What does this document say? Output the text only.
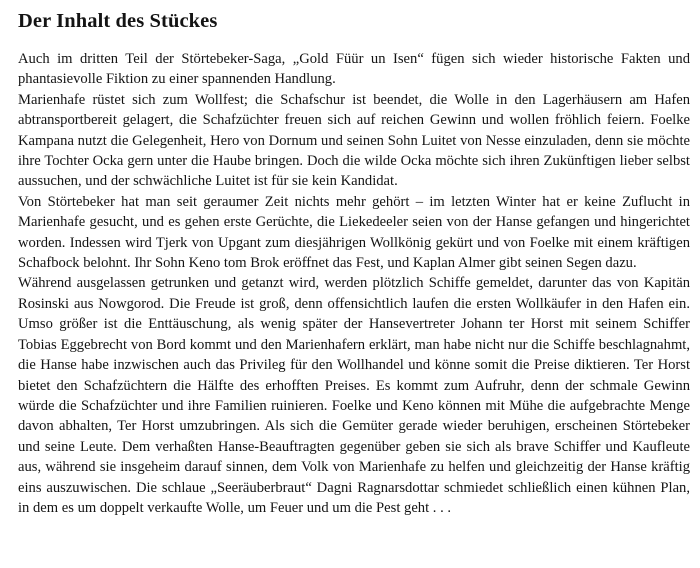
Der Inhalt des Stückes

Auch im dritten Teil der Störtebeker-Saga, „Gold Füür un Isen“ fügen sich wieder historische Fakten und phantasievolle Fiktion zu einer spannenden Handlung.

Marienhafe rüstet sich zum Wollfest; die Schafschur ist beendet, die Wolle in den Lagerhäusern am Hafen abtransportbereit gelagert, die Schafzüchter freuen sich auf reichen Gewinn und wollen fröhlich feiern. Foelke Kampana nutzt die Gelegenheit, Hero von Dornum und seinen Sohn Luitet von Nesse einzuladen, denn sie möchte ihre Tochter Ocka gern unter die Haube bringen. Doch die wilde Ocka möchte sich ihren Zukünftigen lieber selbst aussuchen, und der schwächliche Luitet ist für sie kein Kandidat.

Von Störtebeker hat man seit geraumer Zeit nichts mehr gehört – im letzten Winter hat er keine Zuflucht in Marienhafe gesucht, und es gehen erste Gerüchte, die Liekedeeler seien von der Hanse gefangen und hingerichtet worden. Indessen wird Tjerk von Upgant zum diesjährigen Wollkönig gekürt und von Foelke mit einem kräftigen Schafbock belohnt. Ihr Sohn Keno tom Brok eröffnet das Fest, und Kaplan Almer gibt seinen Segen dazu.

Während ausgelassen getrunken und getanzt wird, werden plötzlich Schiffe gemeldet, darunter das von Kapitän Rosinski aus Nowgorod. Die Freude ist groß, denn offensichtlich laufen die ersten Wollkäufer in den Hafen ein. Umso größer ist die Enttäuschung, als wenig später der Hansevertreter Johann ter Horst mit seinem Schiffer Tobias Eggebrecht von Bord kommt und den Marienhafern erklärt, man habe nicht nur die Schiffe beschlagnahmt, die Hanse habe inzwischen auch das Privileg für den Wollhandel und könne somit die Preise diktieren. Ter Horst bietet den Schafzüchtern die Hälfte des erhofften Preises. Es kommt zum Aufruhr, denn der schmale Gewinn würde die Schafzüchter und ihre Familien ruinieren. Foelke und Keno können mit Mühe die aufgebrachte Menge davon abhalten, Ter Horst umzubringen. Als sich die Gemüter gerade wieder beruhigen, erscheinen Störtebeker und seine Leute. Dem verhaßten Hanse-Beauftragten gegenüber geben sie sich als brave Schiffer und Kaufleute aus, während sie insgeheim darauf sinnen, dem Volk von Marienhafe zu helfen und gleichzeitig der Hanse kräftig eins auszuwischen. Die schlaue „Seeräuberbraut“ Dagni Ragnarsdottar schmiedet schließlich einen kühnen Plan, in dem es um doppelt verkaufte Wolle, um Feuer und um die Pest geht . . .
